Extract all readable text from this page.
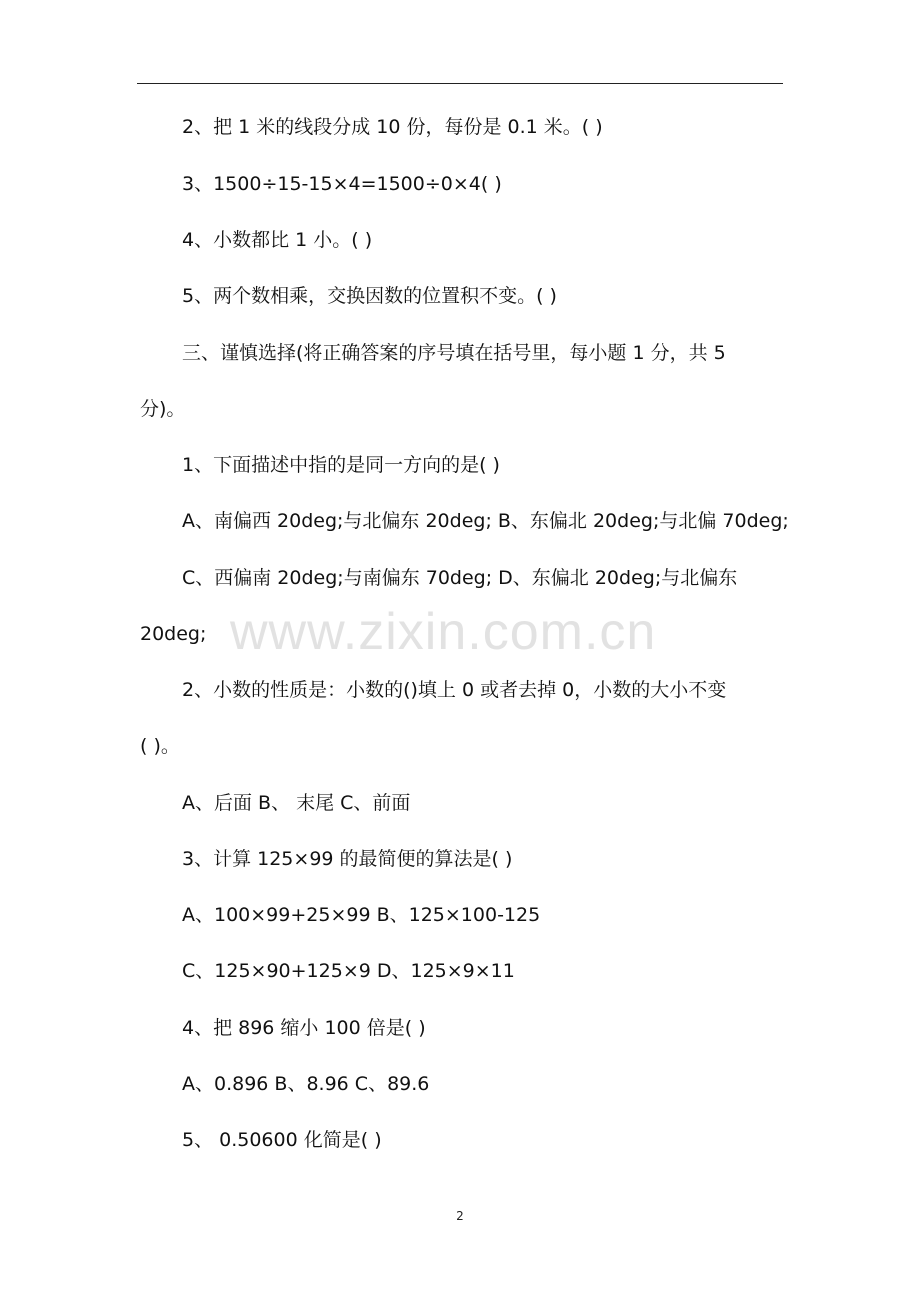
www.zixin.com.cn
2、把 1 米的线段分成 10 份，每份是 0.1 米。( )
3、1500÷15-15×4=1500÷0×4( )
4、小数都比 1 小。( )
5、两个数相乘，交换因数的位置积不变。( )
三、谨慎选择(将正确答案的序号填在括号里，每小题 1 分，共 5
分)。
1、下面描述中指的是同一方向的是( )
A、南偏西 20deg;与北偏东 20deg; B、东偏北 20deg;与北偏 70deg;
C、西偏南 20deg;与南偏东 70deg; D、东偏北 20deg;与北偏东
20deg;
2、小数的性质是：小数的()填上 0 或者去掉 0，小数的大小不变
( )。
A、后面 B、 末尾 C、前面
3、计算 125×99 的最简便的算法是( )
A、100×99+25×99 B、125×100-125
C、125×90+125×9 D、125×9×11
4、把 896 缩小 100 倍是( )
A、0.896 B、8.96 C、89.6
5、 0.50600 化简是( )
2
